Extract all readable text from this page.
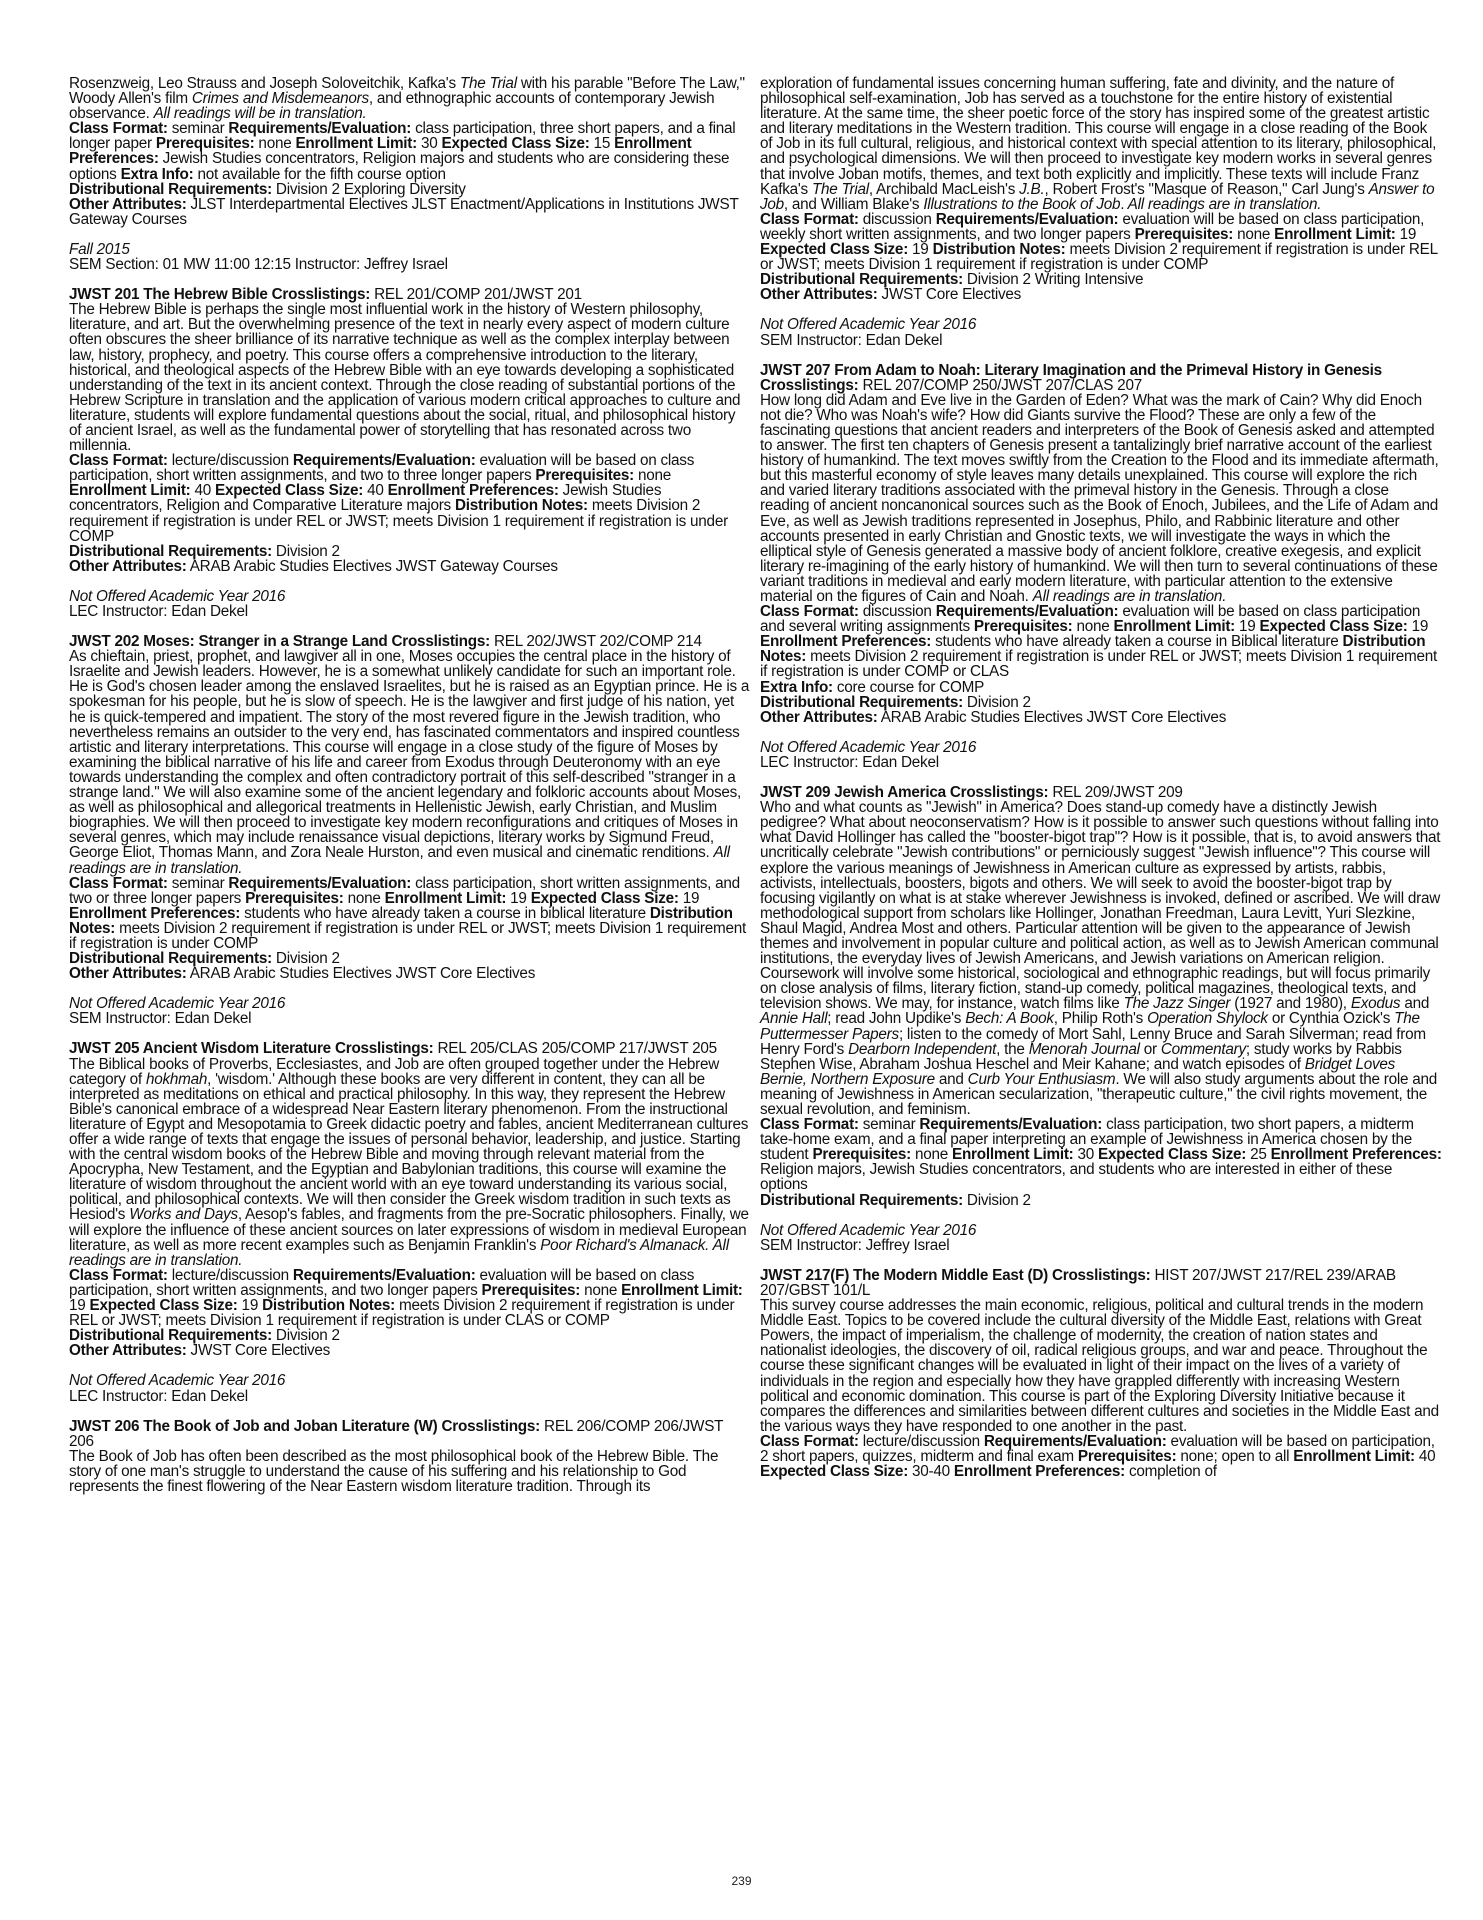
Rosenzweig, Leo Strauss and Joseph Soloveitchik, Kafka's The Trial with his parable "Before The Law," Woody Allen's film Crimes and Misdemeanors, and ethnographic accounts of contemporary Jewish observance. All readings will be in translation.
Class Format: seminar Requirements/Evaluation: class participation, three short papers, and a final longer paper Prerequisites: none Enrollment Limit: 30 Expected Class Size: 15 Enrollment Preferences: Jewish Studies concentrators, Religion majors and students who are considering these options Extra Info: not available for the fifth course option
Distributional Requirements: Division 2 Exploring Diversity
Other Attributes: JLST Interdepartmental Electives JLST Enactment/Applications in Institutions JWST Gateway Courses

Fall 2015
SEM Section: 01 MW 11:00 12:15 Instructor: Jeffrey Israel

JWST 201 The Hebrew Bible Crosslistings: REL 201/COMP 201/JWST 201
The Hebrew Bible is perhaps the single most influential work in the history of Western philosophy, literature, and art. But the overwhelming presence of the text in nearly every aspect of modern culture often obscures the sheer brilliance of its narrative technique as well as the complex interplay between law, history, prophecy, and poetry. This course offers a comprehensive introduction to the literary, historical, and theological aspects of the Hebrew Bible with an eye towards developing a sophisticated understanding of the text in its ancient context. Through the close reading of substantial portions of the Hebrew Scripture in translation and the application of various modern critical approaches to culture and literature, students will explore fundamental questions about the social, ritual, and philosophical history of ancient Israel, as well as the fundamental power of storytelling that has resonated across two millennia.
Class Format: lecture/discussion Requirements/Evaluation: evaluation will be based on class participation, short written assignments, and two to three longer papers Prerequisites: none Enrollment Limit: 40 Expected Class Size: 40 Enrollment Preferences: Jewish Studies concentrators, Religion and Comparative Literature majors Distribution Notes: meets Division 2 requirement if registration is under REL or JWST; meets Division 1 requirement if registration is under COMP
Distributional Requirements: Division 2
Other Attributes: ARAB Arabic Studies Electives JWST Gateway Courses

Not Offered Academic Year 2016
LEC Instructor: Edan Dekel

JWST 202 Moses: Stranger in a Strange Land Crosslistings: REL 202/JWST 202/COMP 214
As chieftain, priest, prophet, and lawgiver all in one, Moses occupies the central place in the history of Israelite and Jewish leaders. However, he is a somewhat unlikely candidate for such an important role. He is God's chosen leader among the enslaved Israelites, but he is raised as an Egyptian prince. He is a spokesman for his people, but he is slow of speech. He is the lawgiver and first judge of his nation, yet he is quick-tempered and impatient. The story of the most revered figure in the Jewish tradition, who nevertheless remains an outsider to the very end, has fascinated commentators and inspired countless artistic and literary interpretations. This course will engage in a close study of the figure of Moses by examining the biblical narrative of his life and career from Exodus through Deuteronomy with an eye towards understanding the complex and often contradictory portrait of this self-described "stranger in a strange land." We will also examine some of the ancient legendary and folkloric accounts about Moses, as well as philosophical and allegorical treatments in Hellenistic Jewish, early Christian, and Muslim biographies. We will then proceed to investigate key modern reconfigurations and critiques of Moses in several genres, which may include renaissance visual depictions, literary works by Sigmund Freud, George Eliot, Thomas Mann, and Zora Neale Hurston, and even musical and cinematic renditions. All readings are in translation.
Class Format: seminar Requirements/Evaluation: class participation, short written assignments, and two or three longer papers Prerequisites: none Enrollment Limit: 19 Expected Class Size: 19 Enrollment Preferences: students who have already taken a course in biblical literature Distribution Notes: meets Division 2 requirement if registration is under REL or JWST; meets Division 1 requirement if registration is under COMP
Distributional Requirements: Division 2
Other Attributes: ARAB Arabic Studies Electives JWST Core Electives

Not Offered Academic Year 2016
SEM Instructor: Edan Dekel

JWST 205 Ancient Wisdom Literature Crosslistings: REL 205/CLAS 205/COMP 217/JWST 205
The Biblical books of Proverbs, Ecclesiastes, and Job are often grouped together under the Hebrew category of hokhmah, 'wisdom.' Although these books are very different in content, they can all be interpreted as meditations on ethical and practical philosophy. In this way, they represent the Hebrew Bible's canonical embrace of a widespread Near Eastern literary phenomenon. From the instructional literature of Egypt and Mesopotamia to Greek didactic poetry and fables, ancient Mediterranean cultures offer a wide range of texts that engage the issues of personal behavior, leadership, and justice. Starting with the central wisdom books of the Hebrew Bible and moving through relevant material from the Apocrypha, New Testament, and the Egyptian and Babylonian traditions, this course will examine the literature of wisdom throughout the ancient world with an eye toward understanding its various social, political, and philosophical contexts. We will then consider the Greek wisdom tradition in such texts as Hesiod's Works and Days, Aesop's fables, and fragments from the pre-Socratic philosophers. Finally, we will explore the influence of these ancient sources on later expressions of wisdom in medieval European literature, as well as more recent examples such as Benjamin Franklin's Poor Richard's Almanack. All readings are in translation.
Class Format: lecture/discussion Requirements/Evaluation: evaluation will be based on class participation, short written assignments, and two longer papers Prerequisites: none Enrollment Limit: 19 Expected Class Size: 19 Distribution Notes: meets Division 2 requirement if registration is under REL or JWST; meets Division 1 requirement if registration is under CLAS or COMP
Distributional Requirements: Division 2
Other Attributes: JWST Core Electives

Not Offered Academic Year 2016
LEC Instructor: Edan Dekel

JWST 206 The Book of Job and Joban Literature (W) Crosslistings: REL 206/COMP 206/JWST 206
The Book of Job has often been described as the most philosophical book of the Hebrew Bible. The story of one man's struggle to understand the cause of his suffering and his relationship to God represents the finest flowering of the Near Eastern wisdom literature tradition. Through its

exploration of fundamental issues concerning human suffering, fate and divinity, and the nature of philosophical self-examination, Job has served as a touchstone for the entire history of existential literature. At the same time, the sheer poetic force of the story has inspired some of the greatest artistic and literary meditations in the Western tradition. This course will engage in a close reading of the Book of Job in its full cultural, religious, and historical context with special attention to its literary, philosophical, and psychological dimensions. We will then proceed to investigate key modern works in several genres that involve Joban motifs, themes, and text both explicitly and implicitly. These texts will include Franz Kafka's The Trial, Archibald MacLeish's J.B., Robert Frost's "Masque of Reason," Carl Jung's Answer to Job, and William Blake's Illustrations to the Book of Job. All readings are in translation.
Class Format: discussion Requirements/Evaluation: evaluation will be based on class participation, weekly short written assignments, and two longer papers Prerequisites: none Enrollment Limit: 19 Expected Class Size: 19 Distribution Notes: meets Division 2 requirement if registration is under REL or JWST; meets Division 1 requirement if registration is under COMP
Distributional Requirements: Division 2 Writing Intensive
Other Attributes: JWST Core Electives

Not Offered Academic Year 2016
SEM Instructor: Edan Dekel

JWST 207 From Adam to Noah: Literary Imagination and the Primeval History in Genesis Crosslistings: REL 207/COMP 250/JWST 207/CLAS 207
How long did Adam and Eve live in the Garden of Eden? What was the mark of Cain? Why did Enoch not die? Who was Noah's wife? How did Giants survive the Flood? These are only a few of the fascinating questions that ancient readers and interpreters of the Book of Genesis asked and attempted to answer. The first ten chapters of Genesis present a tantalizingly brief narrative account of the earliest history of humankind. The text moves swiftly from the Creation to the Flood and its immediate aftermath, but this masterful economy of style leaves many details unexplained. This course will explore the rich and varied literary traditions associated with the primeval history in the Genesis. Through a close reading of ancient noncanonical sources such as the Book of Enoch, Jubilees, and the Life of Adam and Eve, as well as Jewish traditions represented in Josephus, Philo, and Rabbinic literature and other accounts presented in early Christian and Gnostic texts, we will investigate the ways in which the elliptical style of Genesis generated a massive body of ancient folklore, creative exegesis, and explicit literary re-imagining of the early history of humankind. We will then turn to several continuations of these variant traditions in medieval and early modern literature, with particular attention to the extensive material on the figures of Cain and Noah. All readings are in translation.
Class Format: discussion Requirements/Evaluation: evaluation will be based on class participation and several writing assignments Prerequisites: none Enrollment Limit: 19 Expected Class Size: 19 Enrollment Preferences: students who have already taken a course in Biblical literature Distribution Notes: meets Division 2 requirement if registration is under REL or JWST; meets Division 1 requirement if registration is under COMP or CLAS
Extra Info: core course for COMP
Distributional Requirements: Division 2
Other Attributes: ARAB Arabic Studies Electives JWST Core Electives

Not Offered Academic Year 2016
LEC Instructor: Edan Dekel

JWST 209 Jewish America Crosslistings: REL 209/JWST 209
Who and what counts as "Jewish" in America? Does stand-up comedy have a distinctly Jewish pedigree? What about neoconservatism? How is it possible to answer such questions without falling into what David Hollinger has called the "booster-bigot trap"? How is it possible, that is, to avoid answers that uncritically celebrate "Jewish contributions" or perniciously suggest "Jewish influence"? This course will explore the various meanings of Jewishness in American culture as expressed by artists, rabbis, activists, intellectuals, boosters, bigots and others. We will seek to avoid the booster-bigot trap by focusing vigilantly on what is at stake wherever Jewishness is invoked, defined or ascribed. We will draw methodological support from scholars like Hollinger, Jonathan Freedman, Laura Levitt, Yuri Slezkine, Shaul Magid, Andrea Most and others. Particular attention will be given to the appearance of Jewish themes and involvement in popular culture and political action, as well as to Jewish American communal institutions, the everyday lives of Jewish Americans, and Jewish variations on American religion. Coursework will involve some historical, sociological and ethnographic readings, but will focus primarily on close analysis of films, literary fiction, stand-up comedy, political magazines, theological texts, and television shows. We may, for instance, watch films like The Jazz Singer (1927 and 1980), Exodus and Annie Hall; read John Updike's Bech: A Book, Philip Roth's Operation Shylock or Cynthia Ozick's The Puttermesser Papers; listen to the comedy of Mort Sahl, Lenny Bruce and Sarah Silverman; read from Henry Ford's Dearborn Independent, the Menorah Journal or Commentary; study works by Rabbis Stephen Wise, Abraham Joshua Heschel and Meir Kahane; and watch episodes of Bridget Loves Bernie, Northern Exposure and Curb Your Enthusiasm. We will also study arguments about the role and meaning of Jewishness in American secularization, "therapeutic culture," the civil rights movement, the sexual revolution, and feminism.
Class Format: seminar Requirements/Evaluation: class participation, two short papers, a midterm take-home exam, and a final paper interpreting an example of Jewishness in America chosen by the student Prerequisites: none Enrollment Limit: 30 Expected Class Size: 25 Enrollment Preferences: Religion majors, Jewish Studies concentrators, and students who are interested in either of these options
Distributional Requirements: Division 2

Not Offered Academic Year 2016
SEM Instructor: Jeffrey Israel

JWST 217(F) The Modern Middle East (D) Crosslistings: HIST 207/JWST 217/REL 239/ARAB 207/GBST 101/L
This survey course addresses the main economic, religious, political and cultural trends in the modern Middle East. Topics to be covered include the cultural diversity of the Middle East, relations with Great Powers, the impact of imperialism, the challenge of modernity, the creation of nation states and nationalist ideologies, the discovery of oil, radical religious groups, and war and peace. Throughout the course these significant changes will be evaluated in light of their impact on the lives of a variety of individuals in the region and especially how they have grappled differently with increasing Western political and economic domination. This course is part of the Exploring Diversity Initiative because it compares the differences and similarities between different cultures and societies in the Middle East and the various ways they have responded to one another in the past.
Class Format: lecture/discussion Requirements/Evaluation: evaluation will be based on participation, 2 short papers, quizzes, midterm and final exam Prerequisites: none; open to all Enrollment Limit: 40 Expected Class Size: 30-40 Enrollment Preferences: completion of

239
